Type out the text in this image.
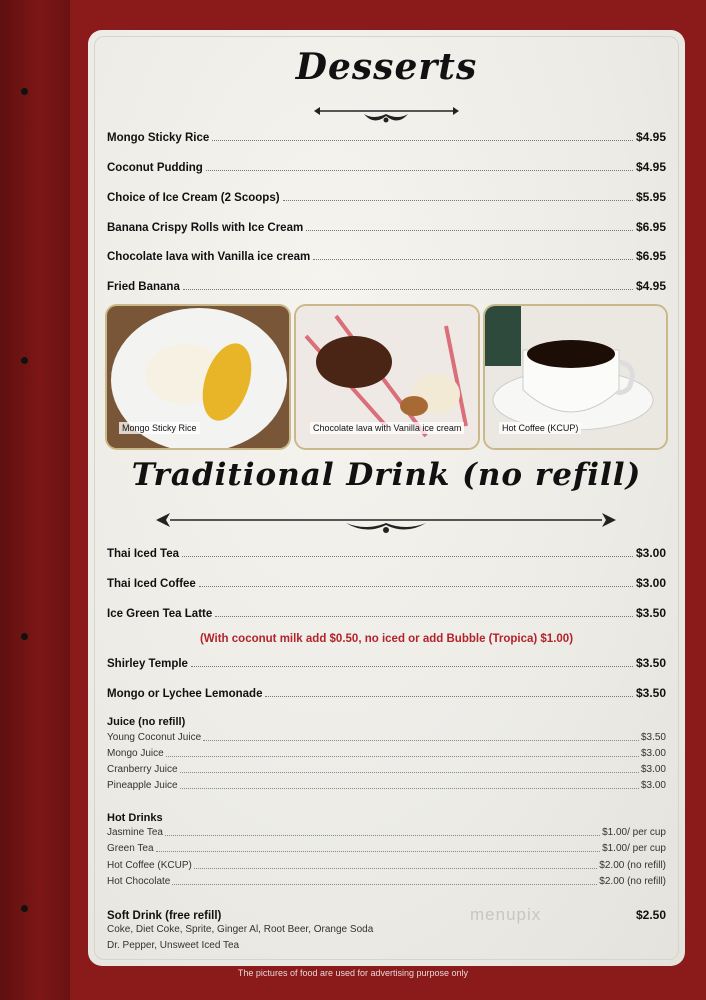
Desserts
Mongo Sticky Rice	$4.95
Coconut Pudding	$4.95
Choice of Ice Cream (2 Scoops)	$5.95
Banana Crispy Rolls with Ice Cream	$6.95
Chocolate lava with Vanilla ice cream	$6.95
Fried Banana	$4.95
Mongo Sticky Rice	Chocolate lava with Vanilla ice cream	Hot Coffee (KCUP)
Traditional Drink (no refill)
Thai Iced Tea	$3.00
Thai Iced Coffee	$3.00
Ice Green Tea Latte	$3.50
(With coconut milk add $0.50, no iced or add Bubble (Tropica) $1.00)
Shirley Temple	$3.50
Mongo or Lychee Lemonade	$3.50
Juice (no refill)
Young Coconut Juice	$3.50
Mongo Juice	$3.00
Cranberry Juice	$3.00
Pineapple Juice	$3.00
Hot Drinks
Jasmine Tea	$1.00/ per cup
Green Tea	$1.00/ per cup
Hot Coffee (KCUP)	$2.00 (no refill)
Hot Chocolate	$2.00 (no refill)
Soft Drink (free refill)	$2.50
Coke, Diet Coke, Sprite, Ginger Al, Root Beer, Orange Soda
Dr. Pepper, Unsweet Iced Tea
menupix
The pictures of food are used for advertising purpose only
